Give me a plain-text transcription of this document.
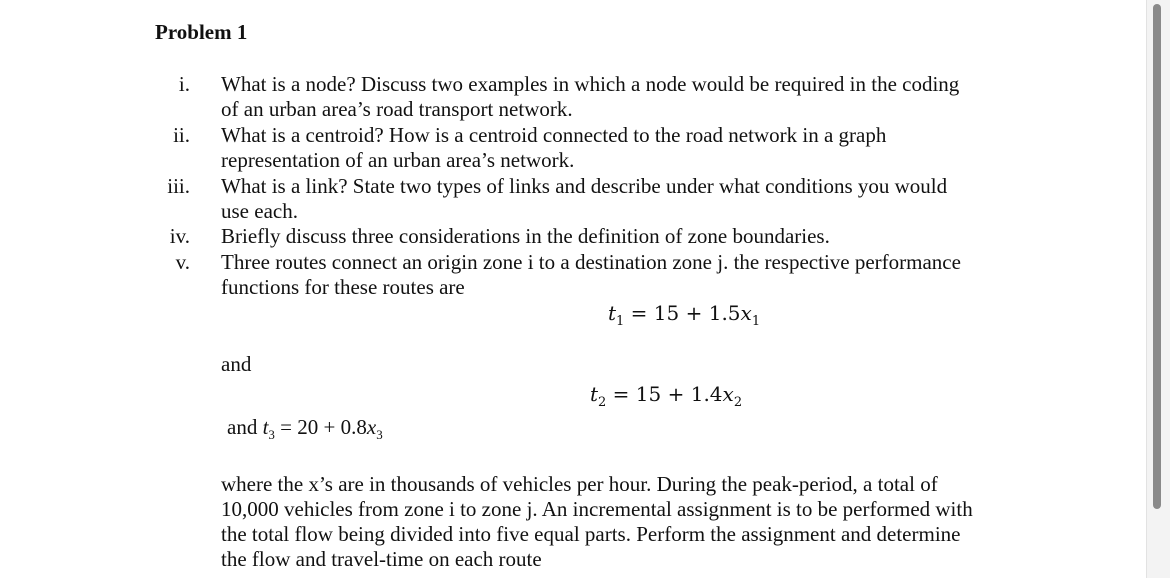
Problem 1
i. What is a node? Discuss two examples in which a node would be required in the coding
of an urban area’s road transport network.
ii. What is a centroid? How is a centroid connected to the road network in a graph
representation of an urban area’s network.
iii. What is a link? State two types of links and describe under what conditions you would
use each.
iv. Briefly discuss three considerations in the definition of zone boundaries.
v. Three routes connect an origin zone i to a destination zone j. the respective performance
functions for these routes are
$t_1 = 15 + 1.5x_1$
and
$t_2 = 15 + 1.4x_2$
and $t_3 = 20 + 0.8x_3$
where the x’s are in thousands of vehicles per hour. During the peak-period, a total of
10,000 vehicles from zone i to zone j. An incremental assignment is to be performed with
the total flow being divided into five equal parts. Perform the assignment and determine
the flow and travel-time on each route
